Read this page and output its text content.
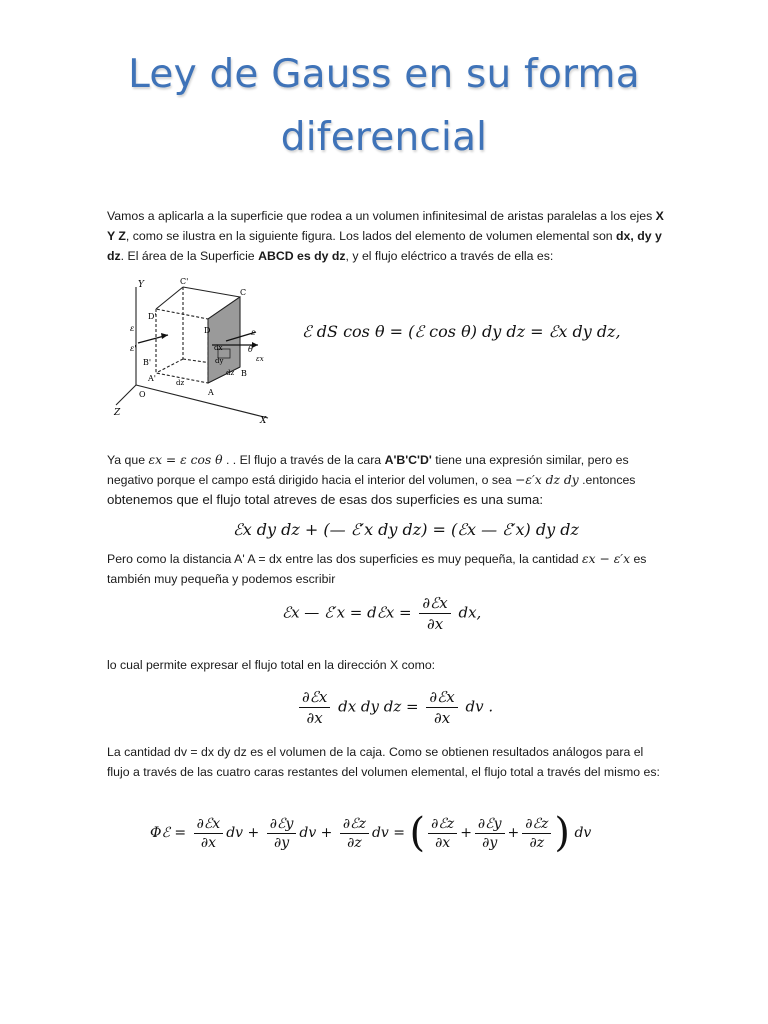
Ley de Gauss en su forma
diferencial
Vamos a aplicarla a la superficie que rodea a un volumen infinitesimal de aristas paralelas a los ejes X Y Z, como se ilustra en la siguiente figura. Los lados del elemento de volumen elemental son dx, dy y dz. El área de la Superficie ABCD es dy dz, y el flujo eléctrico a través de ella es:
Y	C'
D'
C
D
B'
B
A'
A
dx
dy
dz
dz
O
Z
X
ε
ε'	θ
ε
εx
ℰ dS cos θ = (ℰ cos θ) dy dz = ℰx dy dz,
Ya que εx = ε cos θ . . El flujo a través de la cara A'B'C'D' tiene una expresión similar, pero es negativo porque el campo está dirigido hacia el interior del volumen, o sea −ε′x dz dy .entonces
obtenemos que el flujo total atreves de esas dos superficies es una suma:
ℰx dy dz + (— ℰ′x dy dz) = (ℰx — ℰ′x) dy dz
Pero como la distancia A' A = dx entre las dos superficies es muy pequeña, la cantidad εx − ε′x es también muy pequeña y podemos escribir
ℰx — ℰ′x = dℰx = $\frac{\text{∂ℰx}}{\partial x}$ dx,
lo cual permite expresar el flujo total en la dirección X como:
$\frac{\text{∂ℰx}}{\partial x}$ dx dy dz = $\frac{\text{∂ℰx}}{\partial x}$ dv .
La cantidad dv = dx dy dz es el volumen de la caja. Como se obtienen resultados análogos para el flujo a través de las cuatro caras restantes del volumen elemental, el flujo total a través del mismo es:
Φℰ = $\frac{\text{∂ℰx}}{\partial x}$ dv + $\frac{\text{∂ℰy}}{\partial y}$ dv + $\frac{\text{∂ℰz}}{\partial z}$ dv = ( $\frac{\text{∂ℰz}}{\partial x} + \frac{\text{∂ℰy}}{\partial y} + \frac{\text{∂ℰz}}{\partial z}$ ) dv
